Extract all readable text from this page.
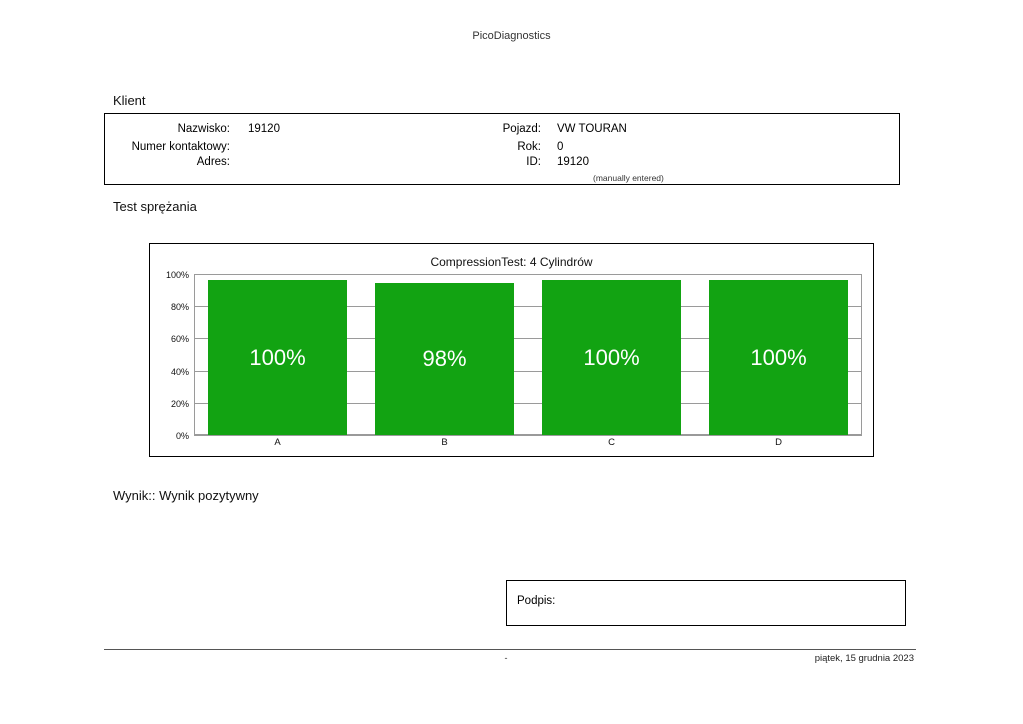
PicoDiagnostics
Klient
Nazwisko: 19120
Numer kontaktowy:
Adres:
Pojazd: VW TOURAN
Rok: 0
ID: 19120
(manually entered)
Test sprężania
CompressionTest: 4 Cylindrów
100%
80%
60%
40%
20%
0%
100%	98%	100%	100%
A	B	C	D
Wynik:: Wynik pozytywny
Podpis:
-	piątek, 15 grudnia 2023
